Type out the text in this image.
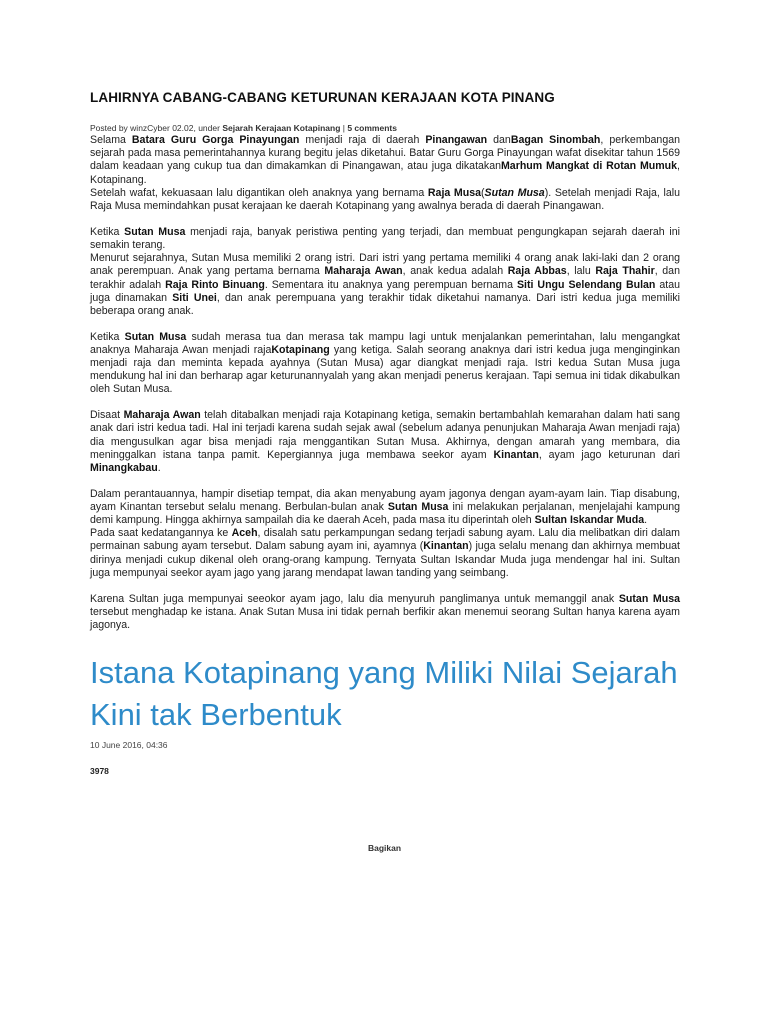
LAHIRNYA CABANG-CABANG KETURUNAN KERAJAAN KOTA PINANG

Posted by winzCyber 02.02, under Sejarah Kerajaan Kotapinang | 5 comments

Selama Batara Guru Gorga Pinayungan menjadi raja di daerah Pinangawan danBagan Sinombah, perkembangan sejarah pada masa pemerintahannya kurang begitu jelas diketahui. Batar Guru Gorga Pinayungan wafat disekitar tahun 1569 dalam keadaan yang cukup tua dan dimakamkan di Pinangawan, atau juga dikatakanMarhum Mangkat di Rotan Mumuk, Kotapinang.
Setelah wafat, kekuasaan lalu digantikan oleh anaknya yang bernama Raja Musa(Sutan Musa). Setelah menjadi Raja, lalu Raja Musa memindahkan pusat kerajaan ke daerah Kotapinang yang awalnya berada di daerah Pinangawan.

Ketika Sutan Musa menjadi raja, banyak peristiwa penting yang terjadi, dan membuat pengungkapan sejarah daerah ini semakin terang.
Menurut sejarahnya, Sutan Musa memiliki 2 orang istri. Dari istri yang pertama memiliki 4 orang anak laki-laki dan 2 orang anak perempuan. Anak yang pertama bernama Maharaja Awan, anak kedua adalah Raja Abbas, lalu Raja Thahir, dan terakhir adalah Raja Rinto Binuang. Sementara itu anaknya yang perempuan bernama Siti Ungu Selendang Bulan atau juga dinamakan Siti Unei, dan anak perempuana yang terakhir tidak diketahui namanya. Dari istri kedua juga memiliki beberapa orang anak.

Ketika Sutan Musa sudah merasa tua dan merasa tak mampu lagi untuk menjalankan pemerintahan, lalu mengangkat anaknya Maharaja Awan menjadi rajaKotapinang yang ketiga. Salah seorang anaknya dari istri kedua juga menginginkan menjadi raja dan meminta kepada ayahnya (Sutan Musa) agar diangkat menjadi raja. Istri kedua Sutan Musa juga mendukung hal ini dan berharap agar keturunannyalah yang akan menjadi penerus kerajaan. Tapi semua ini tidak dikabulkan oleh Sutan Musa.

Disaat Maharaja Awan telah ditabalkan menjadi raja Kotapinang ketiga, semakin bertambahlah kemarahan dalam hati sang anak dari istri kedua tadi. Hal ini terjadi karena sudah sejak awal (sebelum adanya penunjukan Maharaja Awan menjadi raja) dia mengusulkan agar bisa menjadi raja menggantikan Sutan Musa. Akhirnya, dengan amarah yang membara, dia meninggalkan istana tanpa pamit. Kepergiannya juga membawa seekor ayam Kinantan, ayam jago keturunan dari Minangkabau.

Dalam perantauannya, hampir disetiap tempat, dia akan menyabung ayam jagonya dengan ayam-ayam lain. Tiap disabung, ayam Kinantan tersebut selalu menang. Berbulan-bulan anak Sutan Musa ini melakukan perjalanan, menjelajahi kampung demi kampung. Hingga akhirnya sampailah dia ke daerah Aceh, pada masa itu diperintah oleh Sultan Iskandar Muda.
Pada saat kedatangannya ke Aceh, disalah satu perkampungan sedang terjadi sabung ayam. Lalu dia melibatkan diri dalam permainan sabung ayam tersebut. Dalam sabung ayam ini, ayamnya (Kinantan) juga selalu menang dan akhirnya membuat dirinya menjadi cukup dikenal oleh orang-orang kampung. Ternyata Sultan Iskandar Muda juga mendengar hal ini. Sultan juga mempunyai seekor ayam jago yang jarang mendapat lawan tanding yang seimbang.

Karena Sultan juga mempunyai seeokor ayam jago, lalu dia menyuruh panglimanya untuk memanggil anak Sutan Musa tersebut menghadap ke istana. Anak Sutan Musa ini tidak pernah berfikir akan menemui seorang Sultan hanya karena ayam jagonya.

Istana Kotapinang yang Miliki Nilai Sejarah Kini tak Berbentuk
10 June 2016, 04:36
3978
Bagikan
